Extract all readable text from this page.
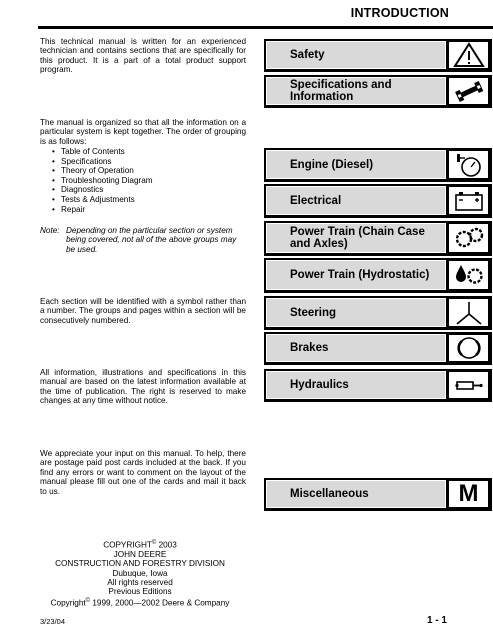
INTRODUCTION

This technical manual is written for an experienced technician and contains sections that are specifically for this product. It is a part of a total product support program.

The manual is organized so that all the information on a particular system is kept together. The order of grouping is as follows:

• Table of Contents
• Specifications
• Theory of Operation
• Troubleshooting Diagram
• Diagnostics
• Tests & Adjustments
• Repair
Note: Depending on the particular section or system being covered, not all of the above groups may be used.

Each section will be identified with a symbol rather than a number. The groups and pages within a section will be consecutively numbered.

All information, illustrations and specifications in this manual are based on the latest information available at the time of publication. The right is reserved to make changes at any time without notice.

We appreciate your input on this manual. To help, there are postage paid post cards included at the back. If you find any errors or want to comment on the layout of the manual please fill out one of the cards and mail it back to us.

COPYRIGHT© 2003
JOHN DEERE
CONSTRUCTION AND FORESTRY DIVISION
Dubuque, Iowa
All rights reserved
Previous Editions
Copyright© 1999, 2000—2002 Deere & Company
3/23/04	1 - 1
Safety
Specifications and Information
Engine (Diesel)
Electrical
Power Train (Chain Case and Axles)
Power Train (Hydrostatic)
Steering
Brakes
Hydraulics
Miscellaneous	M
